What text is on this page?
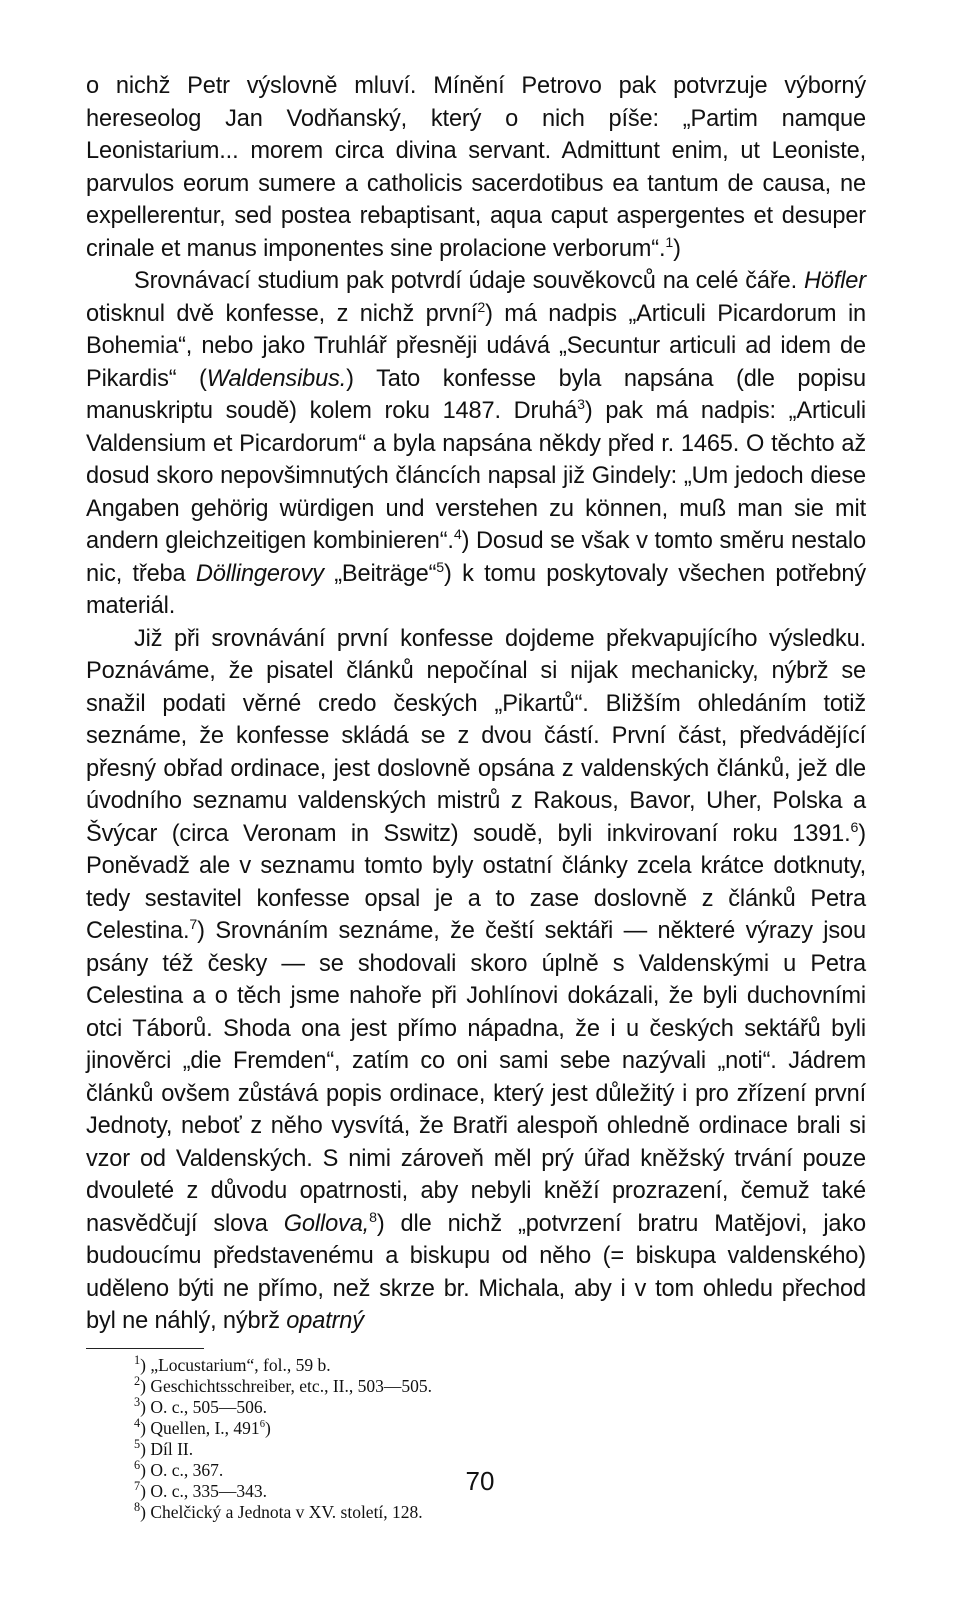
o nichž Petr výslovně mluví. Mínění Petrovo pak potvrzuje výborný hereseolog Jan Vodňanský, který o nich píše: „Partim namque Leonistarium... morem circa divina servant. Admittunt enim, ut Leoniste, parvulos eorum sumere a catholicis sacerdotibus ea tantum de causa, ne expellerentur, sed postea rebaptisant, aqua caput aspergentes et desuper crinale et manus imponentes sine prolacione verborum“.$^1$)

Srovnávací studium pak potvrdí údaje souvěkovců na celé čáře. Höfler otisknul dvě konfesse, z nichž první$^2$) má nadpis „Articuli Picardorum in Bohemia“, nebo jako Truhlář přesněji udává „Secuntur articuli ad idem de Pikardis“ (Waldensibus.) Tato konfesse byla napsána (dle popisu manuskriptu soudě) kolem roku 1487. Druhá$^3$) pak má nadpis: „Articuli Valdensium et Picardorum“ a byla napsána někdy před r. 1465. O těchto až dosud skoro nepovšimnutých článcích napsal již Gindely: „Um jedoch diese Angaben gehörig würdigen und verstehen zu können, muß man sie mit andern gleichzeitigen kombinieren“.$^4$) Dosud se však v tomto směru nestalo nic, třeba Döllingerovy „Beiträge“$^5$) k tomu poskytovaly všechen potřebný materiál.

Již při srovnávání první konfesse dojdeme překvapujícího výsledku. Poznáváme, že pisatel článků nepočínal si nijak mechanicky, nýbrž se snažil podati věrné credo českých „Pikartů“. Bližším ohledáním totiž seznáme, že konfesse skládá se z dvou částí. První část, předvádějící přesný obřad ordinace, jest doslovně opsána z valdenských článků, jež dle úvodního seznamu valdenských mistrů z Rakous, Bavor, Uher, Polska a Švýcar (circa Veronam in Sswitz) soudě, byli inkvirovaní roku 1391.$^6$) Poněvadž ale v seznamu tomto byly ostatní články zcela krátce dotknuty, tedy sestavitel konfesse opsal je a to zase doslovně z článků Petra Celestina.$^7$) Srovnáním seznáme, že čeští sektáři — některé výrazy jsou psány též česky — se shodovali skoro úplně s Valdenskými u Petra Celestina a o těch jsme nahoře při Johlínovi dokázali, že byli duchovními otci Táborů. Shoda ona jest přímo nápadna, že i u českých sektářů byli jinověrci „die Fremden“, zatím co oni sami sebe nazývali „noti“. Jádrem článků ovšem zůstává popis ordinace, který jest důležitý i pro zřízení první Jednoty, neboť z něho vysvítá, že Bratři alespoň ohledně ordinace brali si vzor od Valdenských. S nimi zároveň měl prý úřad kněžský trvání pouze dvouleté z důvodu opatrnosti, aby nebyli kněží prozrazení, čemuž také nasvědčují slova Gollova,$^8$) dle nichž „potvrzení bratru Matějovi, jako budoucímu představenému a biskupu od něho (= biskupa valdenského) uděleno býti ne přímo, než skrze br. Michala, aby i v tom ohledu přechod byl ne náhlý, nýbrž opatrný

$^1$) „Locustarium“, fol., 59 b.
$^2$) Geschichtsschreiber, etc., II., 503—505.
$^3$) O. c., 505—506.
$^4$) Quellen, I., $491^6$)
$^5$) Díl II.
$^6$) O. c., 367.
$^7$) O. c., 335—343.
$^8$) Chelčický a Jednota v XV. století, 128.
70
